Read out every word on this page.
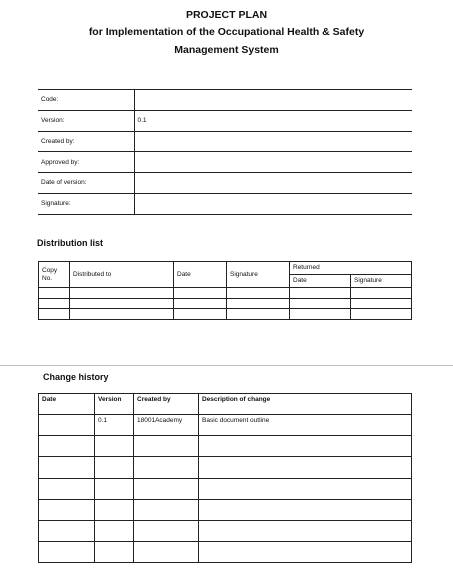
PROJECT PLAN
for Implementation of the Occupational Health & Safety
Management System
Code:	
Version:	0.1
Created by:	
Approved by:	
Date of version:	
Signature:	
Distribution list
Copy
No.	Distributed to	Date	Signature	Returned	
				Date	Signature

Change history
Date	Version	Created by	Description of change
	0.1	18001Academy	Basic document outline
